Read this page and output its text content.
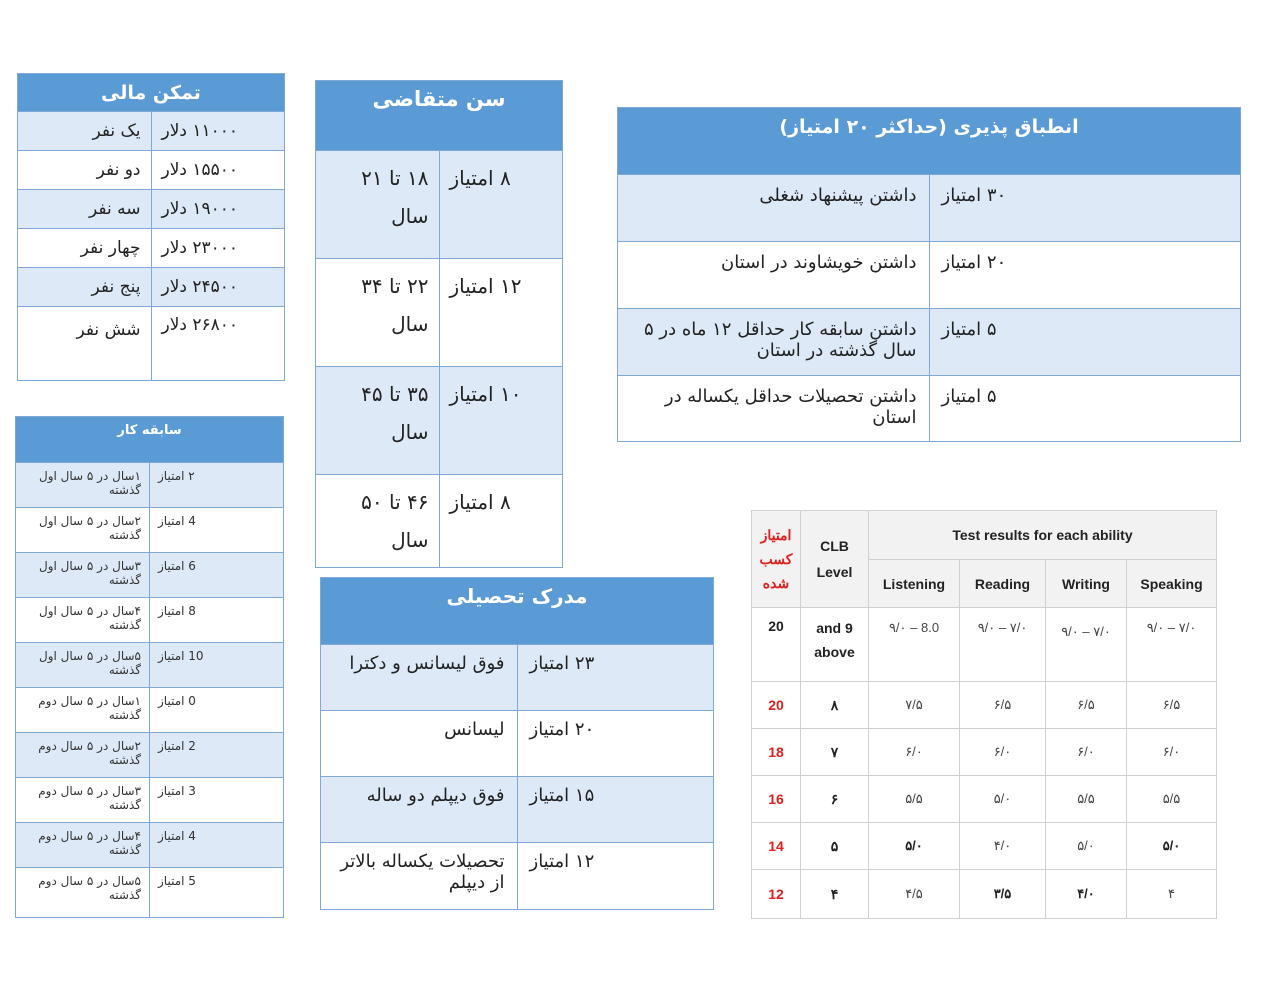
تمکن مالی	
یک نفر	۱۱۰۰۰ دلار
دو نفر	۱۵۵۰۰ دلار
سه نفر	۱۹۰۰۰ دلار
چهار نفر	۲۳۰۰۰ دلار
پنج نفر	۲۴۵۰۰ دلار
شش نفر	۲۶۸۰۰ دلار
سن متقاضی	
۱۸ تا ۲۱ سال	۸ امتیاز
۲۲ تا ۳۴ سال	۱۲ امتیاز
۳۵ تا ۴۵ سال	۱۰ امتیاز
۴۶ تا ۵۰ سال	۸ امتیاز
انطباق پذیری (حداکثر ۲۰ امتیاز)	
داشتن پیشنهاد شغلی	۳۰ امتیاز
داشتن خویشاوند در استان	۲۰ امتیاز
داشتن سابقه کار حداقل ۱۲ ماه در ۵ سال گذشته در استان	۵ امتیاز
داشتن تحصیلات حداقل یکساله در استان	۵ امتیاز
سابقه کار	
۱سال در ۵ سال اول گذشته	۲ امتیاز
۲سال در ۵ سال اول گذشته	4 امتیاز
۳سال در ۵ سال اول گذشته	6 امتیاز
۴سال در ۵ سال اول گذشته	8 امتیاز
۵سال در ۵ سال اول گذشته	10 امتیاز
۱سال در ۵ سال دوم گذشته	0 امتیاز
۲سال در ۵ سال دوم گذشته	2 امتیاز
۳سال در ۵ سال دوم گذشته	3 امتیاز
۴سال در ۵ سال دوم گذشته	4 امتیاز
۵سال در ۵ سال دوم گذشته	5 امتیاز
مدرک تحصیلی	
فوق لیسانس و دکترا	۲۳ امتیاز
لیسانس	۲۰ امتیاز
فوق دیپلم دو ساله	۱۵ امتیاز
تحصیلات یکساله بالاتر از دیپلم	۱۲ امتیاز
امتیاز کسب شده	CLB Level	Test results for each ability			
		Listening	Reading	Writing	Speaking
20	9 and above	8.0 – ۹/۰	۷/۰ – ۹/۰	۷/۰ – ۹/۰	۷/۰ – ۹/۰
20	۸	۷/۵	۶/۵	۶/۵	۶/۵
18	۷	۶/۰	۶/۰	۶/۰	۶/۰
16	۶	۵/۵	۵/۰	۵/۵	۵/۵
14	۵	۵/۰	۴/۰	۵/۰	۵/۰
12	۴	۴/۵	۳/۵	۴/۰	۴
